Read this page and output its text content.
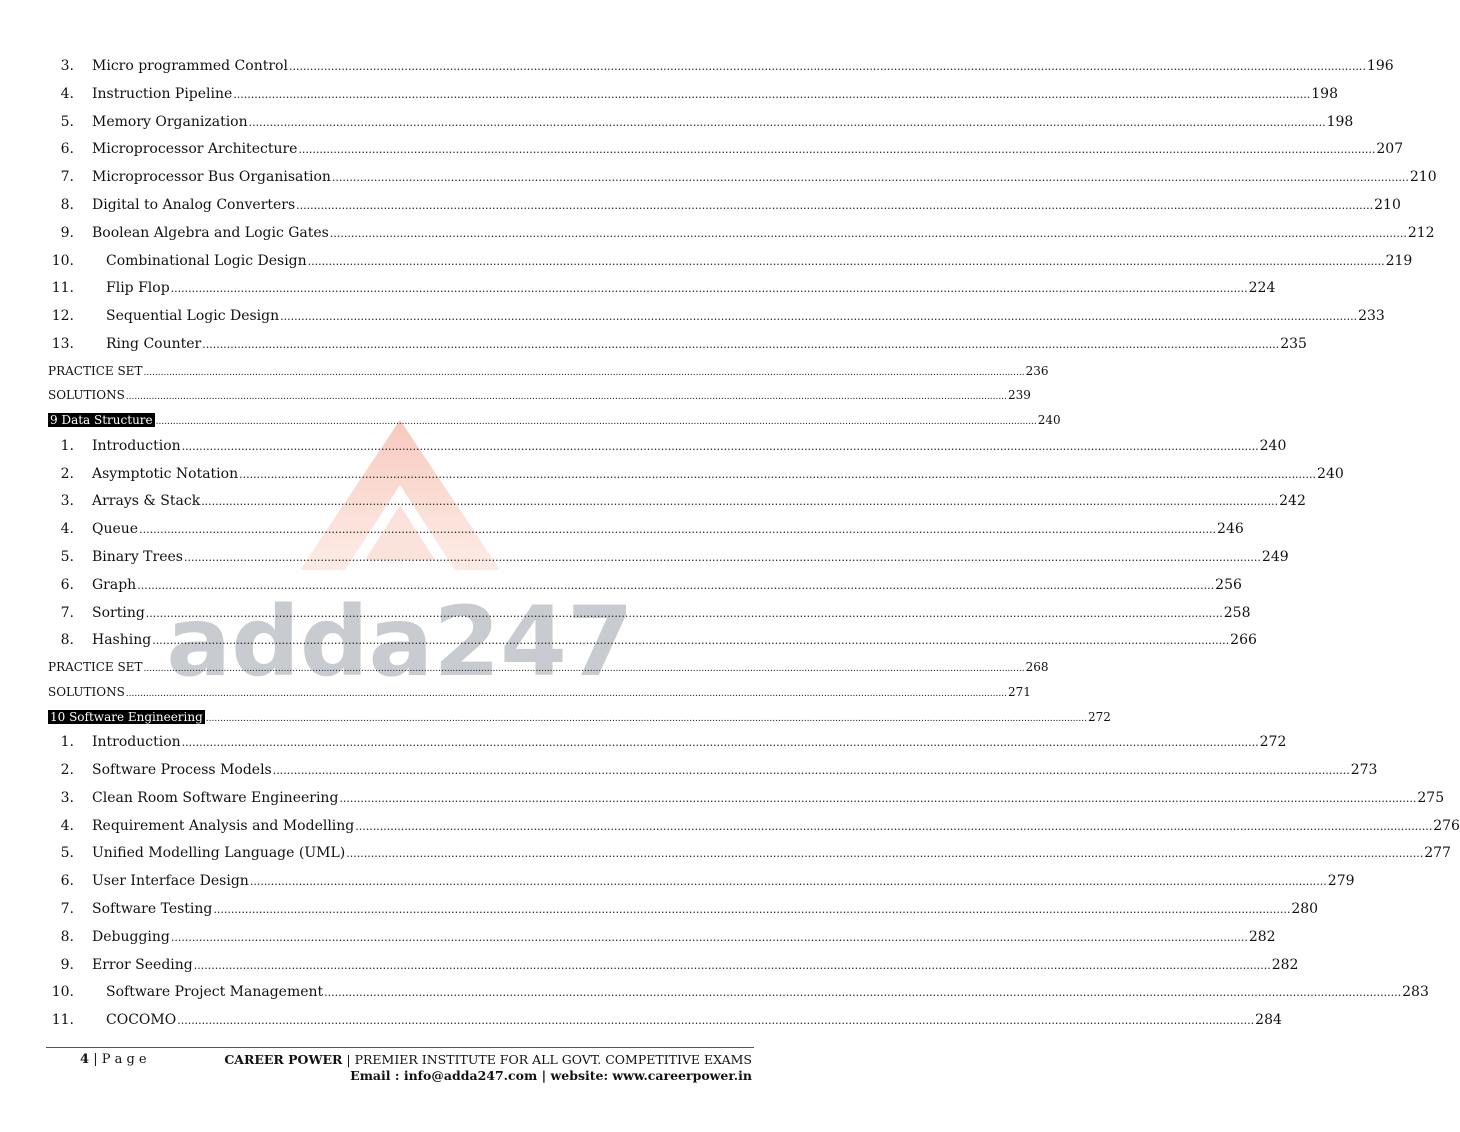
adda247
3.	Micro programmed Control .....	196
4.	Instruction Pipeline .....	198
5.	Memory Organization .....	198
6.	Microprocessor Architecture .....	207
7.	Microprocessor Bus Organisation .....	210
8.	Digital to Analog Converters .....	210
9.	Boolean Algebra and Logic Gates .....	212
10.	Combinational Logic Design .....	219
11.	Flip Flop .....	224
12.	Sequential Logic Design .....	233
13.	Ring Counter .....	235
PRACTICE SET .....	236
SOLUTIONS .....	239
9 Data Structure .....	240
1.	Introduction .....	240
2.	Asymptotic Notation .....	240
3.	Arrays & Stack .....	242
4.	Queue .....	246
5.	Binary Trees .....	249
6.	Graph .....	256
7.	Sorting .....	258
8.	Hashing .....	266
PRACTICE SET .....	268
SOLUTIONS .....	271
10 Software Engineering .....	272
1.	Introduction .....	272
2.	Software Process Models .....	273
3.	Clean Room Software Engineering .....	275
4.	Requirement Analysis and Modelling .....	276
5.	Unified Modelling Language (UML) .....	277
6.	User Interface Design .....	279
7.	Software Testing .....	280
8.	Debugging .....	282
9.	Error Seeding .....	282
10.	Software Project Management .....	283
11.	COCOMO .....	284
4 | P a g e	CAREER POWER | PREMIER INSTITUTE FOR ALL GOVT. COMPETITIVE EXAMS
Email : info@adda247.com | website: www.careerpower.in
